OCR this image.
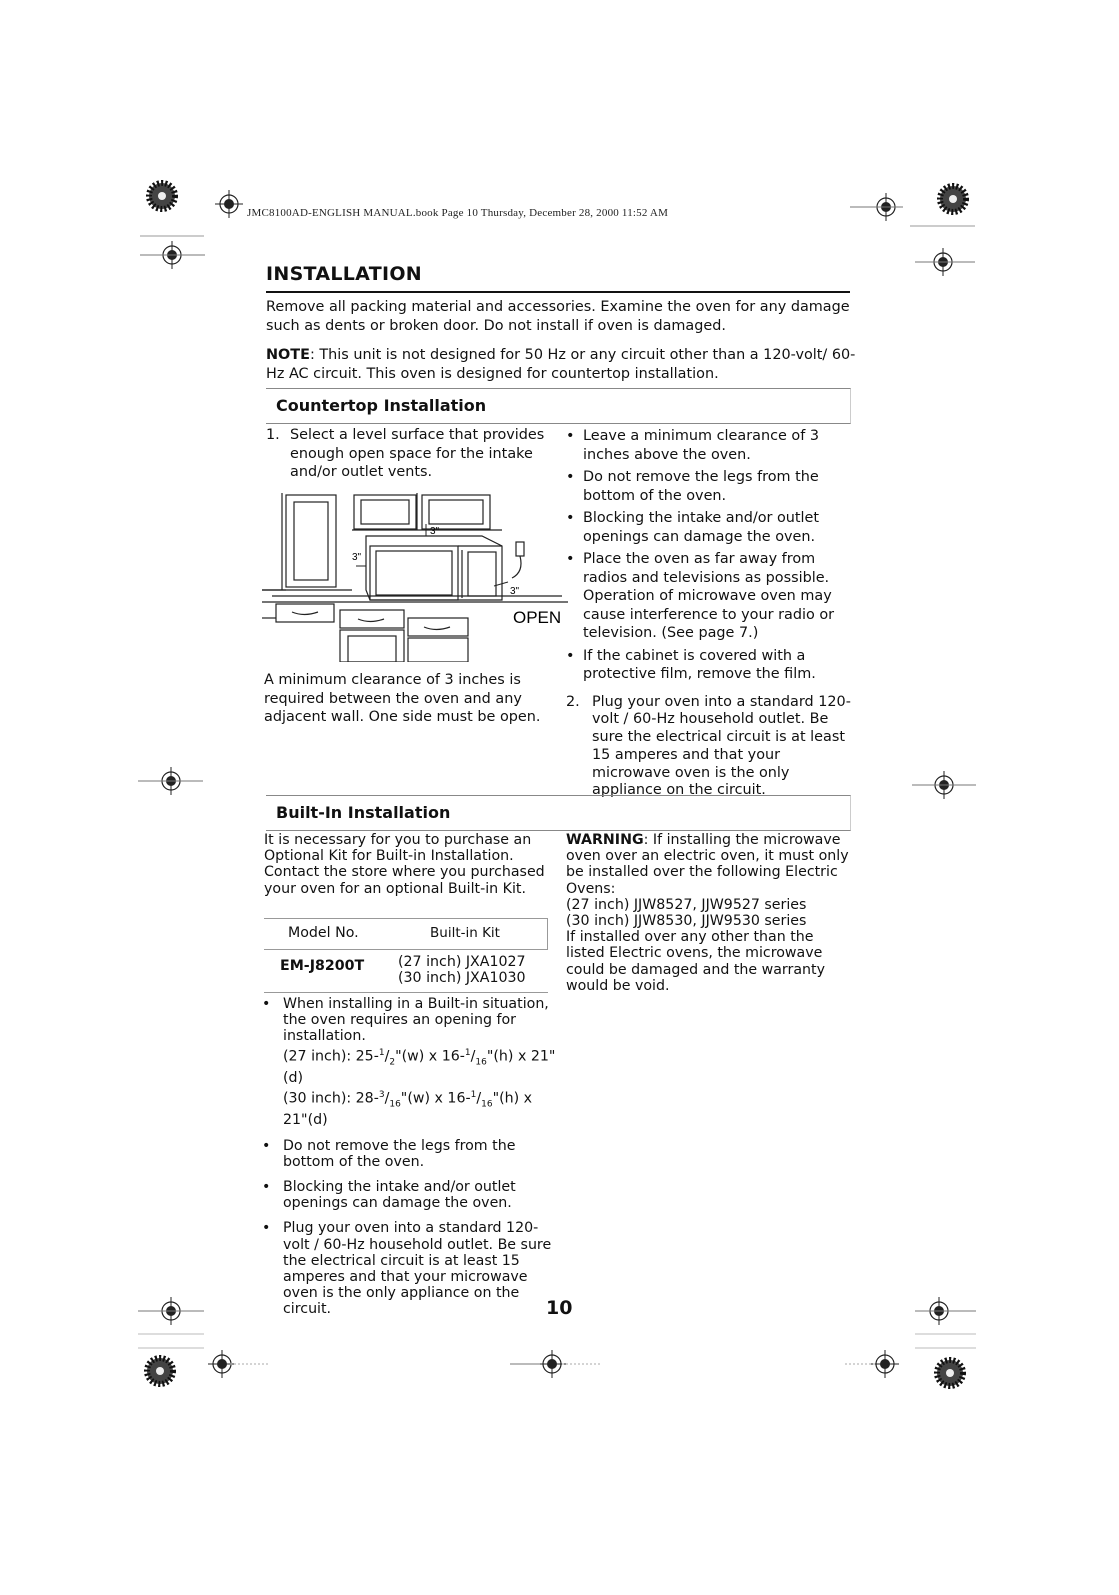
JMC8100AD-ENGLISH MANUAL.book Page 10 Thursday, December 28, 2000 11:52 AM
INSTALLATION
Remove all packing material and accessories. Examine the oven for any damage such as dents or broken door. Do not install if oven is damaged.
NOTE: This unit is not designed for 50 Hz or any circuit other than a 120-volt/ 60-Hz AC circuit. This oven is designed for countertop installation.
Countertop Installation
1. Select a level surface that provides enough open space for the intake and/or outlet vents.
3"
3"
3"
OPEN
A minimum clearance of 3 inches is required between the oven and any adjacent wall. One side must be open.
• Leave a minimum clearance of 3 inches above the oven.
• Do not remove the legs from the bottom of the oven.
• Blocking the intake and/or outlet openings can damage the oven.
• Place the oven as far away from radios and televisions as possible. Operation of microwave oven may cause interference to your radio or television. (See page 7.)
• If the cabinet is covered with a protective film, remove the film.
2. Plug your oven into a standard 120-volt / 60-Hz household outlet. Be sure the electrical circuit is at least 15 amperes and that your microwave oven is the only appliance on the circuit.
Built-In Installation
It is necessary for you to purchase an Optional Kit for Built-in Installation. Contact the store where you purchased your oven for an optional Built-in Kit.
Model No.	Built-in Kit
EM-J8200T (27 inch) JXA1027
(30 inch) JXA1030
• When installing in a Built-in situation, the oven requires an opening for installation.
(27 inch): $25-^1/_2"(w)$ x $16-^1/_{16}"(h)$ x 21"(d)
(30 inch): $28-^3/_{16}"(w)$ x $16-^1/_{16}"(h)$ x 21"(d)
• Do not remove the legs from the bottom of the oven.
• Blocking the intake and/or outlet openings can damage the oven.
• Plug your oven into a standard 120-volt / 60-Hz household outlet. Be sure the electrical circuit is at least 15 amperes and that your microwave oven is the only appliance on the circuit.
WARNING: If installing the microwave oven over an electric oven, it must only be installed over the following Electric Ovens:
(27 inch) JJW8527, JJW9527 series
(30 inch) JJW8530, JJW9530 series
If installed over any other than the listed Electric ovens, the microwave could be damaged and the warranty would be void.
10
